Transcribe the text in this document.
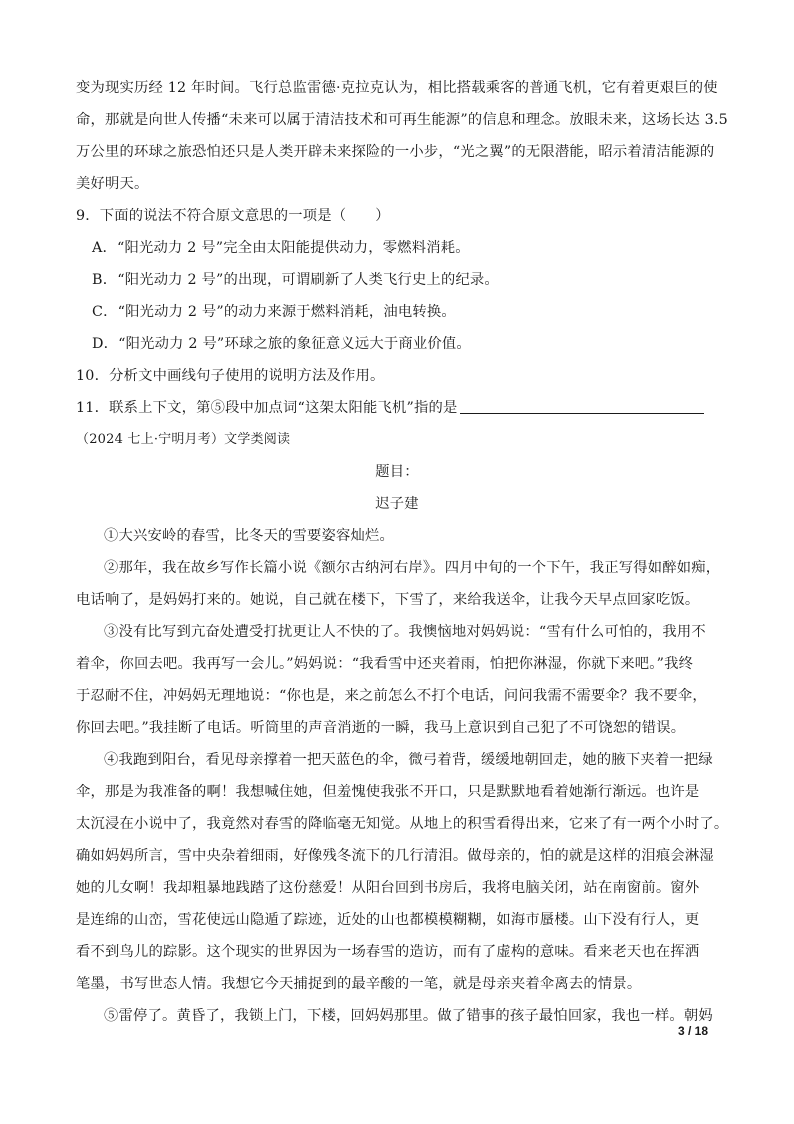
变为现实历经 12 年时间。飞行总监雷德·克拉克认为，相比搭载乘客的普通飞机，它有着更艰巨的使
命，那就是向世人传播“未来可以属于清洁技术和可再生能源”的信息和理念。放眼未来，这场长达 3.5
万公里的环球之旅恐怕还只是人类开辟未来探险的一小步，“光之翼”的无限潜能，昭示着清洁能源的
美好明天。
9．下面的说法不符合原文意思的一项是（　　）
A．“阳光动力 2 号”完全由太阳能提供动力，零燃料消耗。
B．“阳光动力 2 号”的出现，可谓刷新了人类飞行史上的纪录。
C．“阳光动力 2 号”的动力来源于燃料消耗，油电转换。
D．“阳光动力 2 号”环球之旅的象征意义远大于商业价值。
10．分析文中画线句子使用的说明方法及作用。
11．联系上下文，第⑤段中加点词“这架太阳能飞机”指的是
（2024 七上·宁明月考）文学类阅读
题目：
迟子建
①大兴安岭的春雪，比冬天的雪要姿容灿烂。
②那年，我在故乡写作长篇小说《额尔古纳河右岸》。四月中旬的一个下午，我正写得如醉如痴，
电话响了，是妈妈打来的。她说，自己就在楼下，下雪了，来给我送伞，让我今天早点回家吃饭。
③没有比写到亢奋处遭受打扰更让人不快的了。我懊恼地对妈妈说：“雪有什么可怕的，我用不
着伞，你回去吧。我再写一会儿。”妈妈说：“我看雪中还夹着雨，怕把你淋湿，你就下来吧。”我终
于忍耐不住，冲妈妈无理地说：“你也是，来之前怎么不打个电话，问问我需不需要伞？我不要伞，
你回去吧。”我挂断了电话。听筒里的声音消逝的一瞬，我马上意识到自己犯了不可饶恕的错误。
④我跑到阳台，看见母亲撑着一把天蓝色的伞，微弓着背，缓缓地朝回走，她的腋下夹着一把绿
伞，那是为我准备的啊！我想喊住她，但羞愧使我张不开口，只是默默地看着她渐行渐远。也许是
太沉浸在小说中了，我竟然对春雪的降临毫无知觉。从地上的积雪看得出来，它来了有一两个小时了。
确如妈妈所言，雪中央杂着细雨，好像残冬流下的几行清泪。做母亲的，怕的就是这样的泪痕会淋湿
她的儿女啊！我却粗暴地践踏了这份慈爱！从阳台回到书房后，我将电脑关闭，站在南窗前。窗外
是连绵的山峦，雪花使远山隐遁了踪迹，近处的山也都模模糊糊，如海市蜃楼。山下没有行人，更
看不到鸟儿的踪影。这个现实的世界因为一场春雪的造访，而有了虚构的意味。看来老天也在挥洒
笔墨，书写世态人情。我想它今天捕捉到的最辛酸的一笔，就是母亲夹着伞离去的情景。
⑤雷停了。黄昏了，我锁上门，下楼，回妈妈那里。做了错事的孩子最怕回家，我也一样。朝妈
3 / 18
